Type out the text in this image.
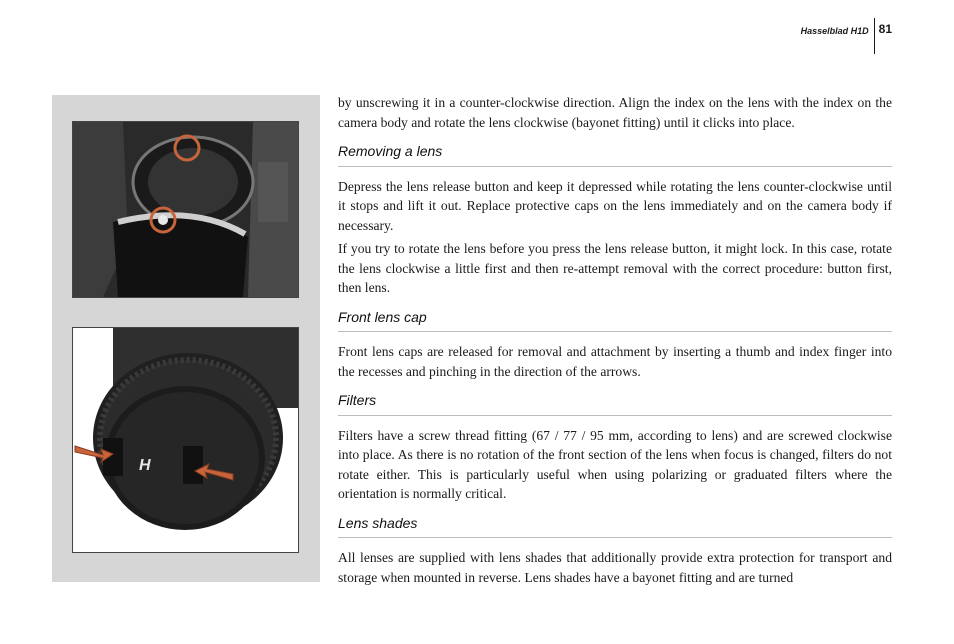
Hasselblad H1D 81
H

by unscrewing it in a counter-clockwise direction. Align the index on the lens with the index on the camera body and rotate the lens clockwise (bayonet fitting) until it clicks into place.

Removing a lens

Depress the lens release button and keep it depressed while rotating the lens counter-clockwise until it stops and lift it out. Replace protective caps on the lens immediately and on the camera body if necessary.

If you try to rotate the lens before you press the lens release button, it might lock. In this case, rotate the lens clockwise a little first and then re-attempt removal with the correct procedure: button first, then lens.

Front lens cap

Front lens caps are released for removal and attachment by inserting a thumb and index finger into the recesses and pinching in the direction of the arrows.

Filters

Filters have a screw thread fitting (67 / 77 / 95 mm, according to lens) and are screwed clockwise into place. As there is no rotation of the front section of the lens when focus is changed, filters do not rotate either. This is particularly useful when using polarizing or graduated filters where the orientation is normally critical.

Lens shades

All lenses are supplied with lens shades that additionally provide extra protection for transport and storage when mounted in reverse. Lens shades have a bayonet fitting and are turned
